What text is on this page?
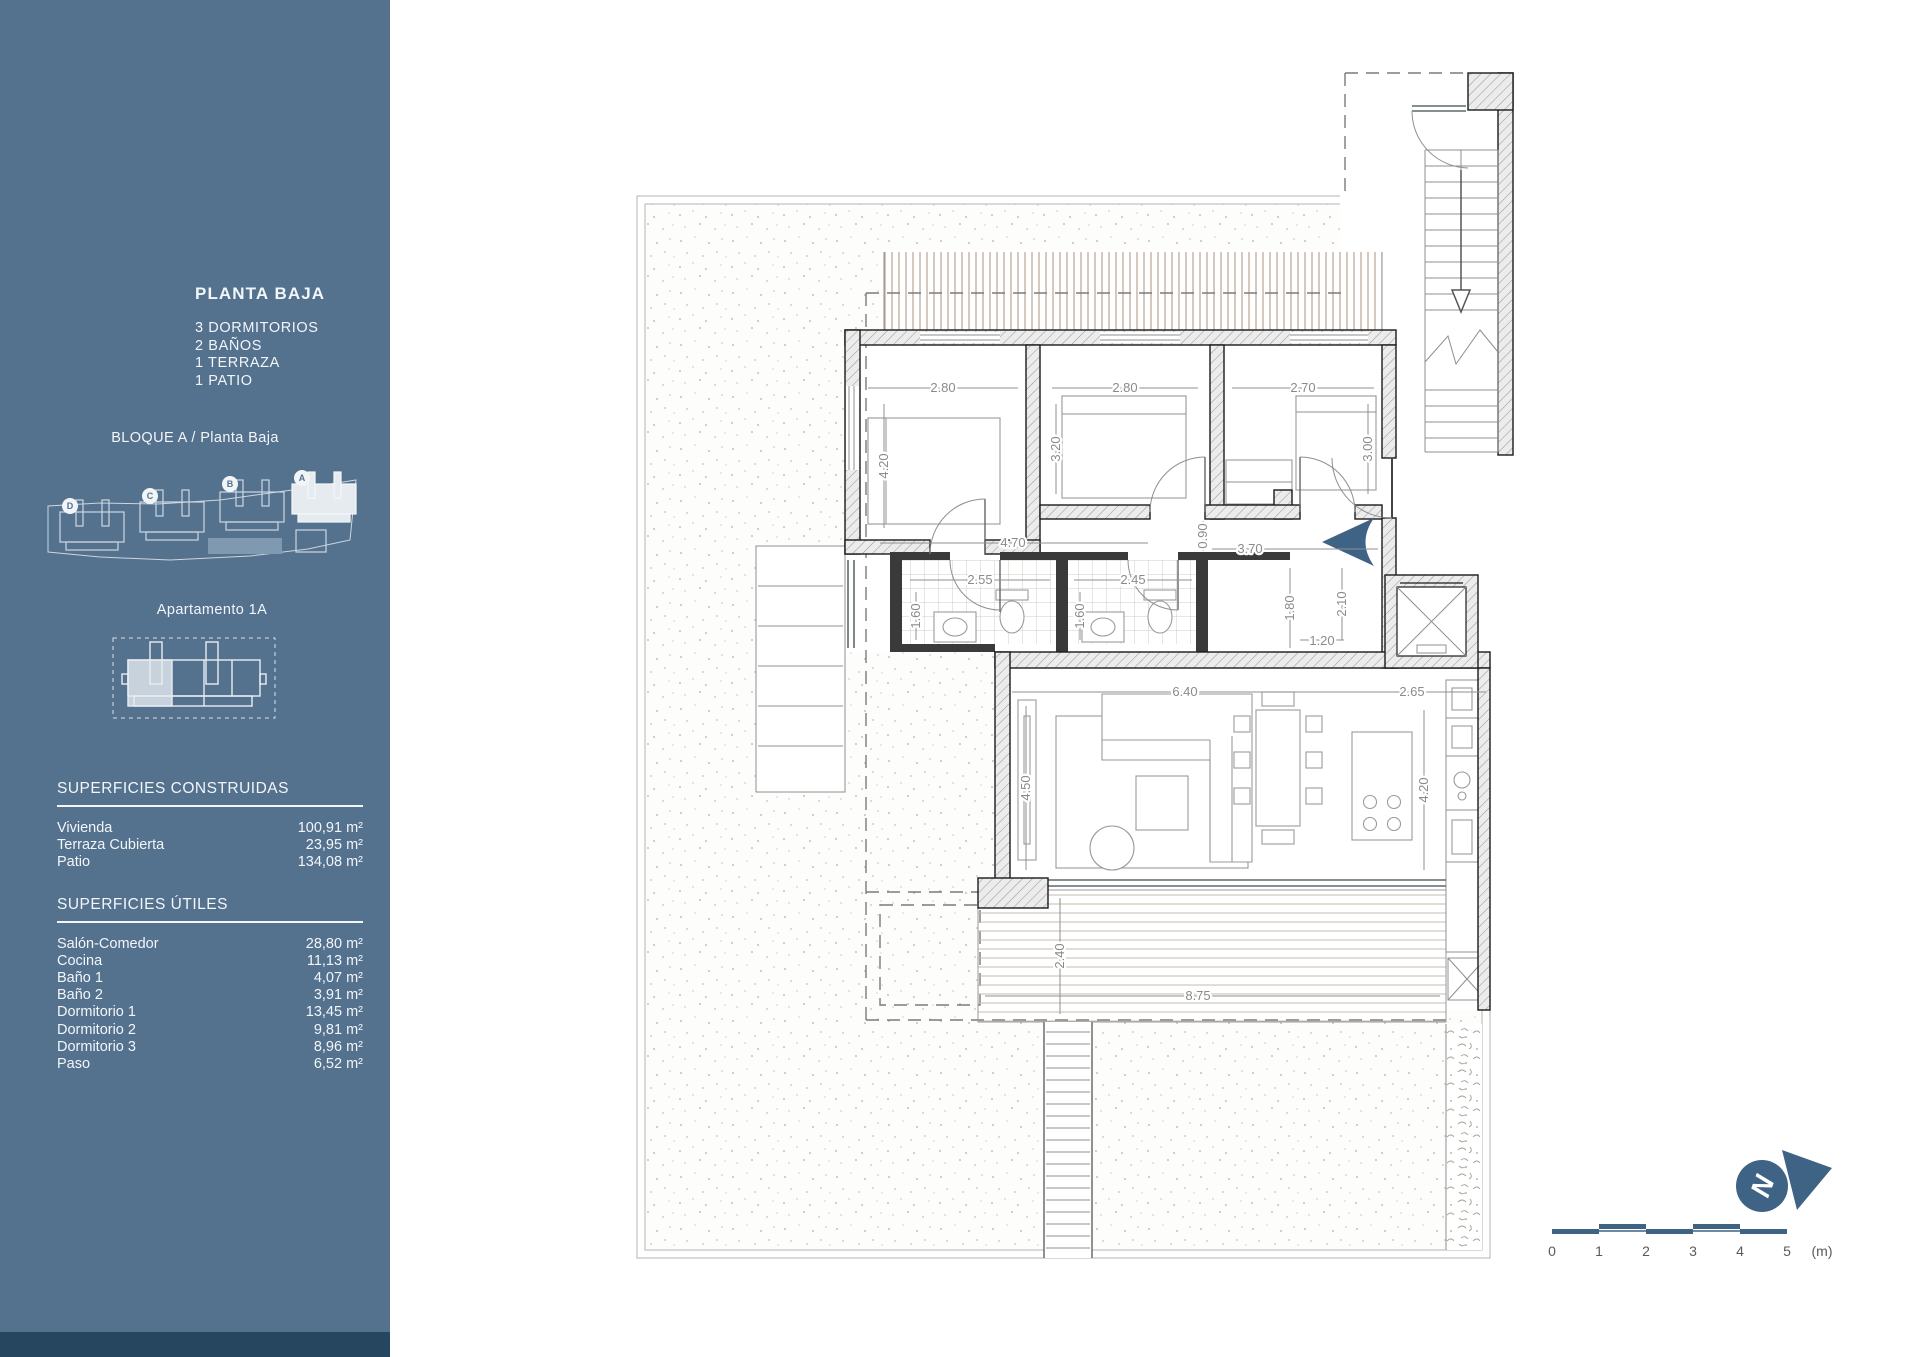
2.80
4.20
2.80
3.20
2.70
3.00
4.70	0.90 3.70
2.55
1.60
2.45
1.60	1.80
1.20
2.10
6.40
4.50
2.65
4.20
8.75
2.40
N
0	1	2	3	4	5 (m)
PLANTA BAJA
3 DORMITORIOS
2 BAÑOS
1 TERRAZA
1 PATIO
BLOQUE A / Planta Baja
D
C
B
A
Apartamento 1A
SUPERFICIES CONSTRUIDAS
Vivienda	100,91 m²
Terraza Cubierta	23,95 m²
Patio	134,08 m²
SUPERFICIES ÚTILES
Salón-Comedor	28,80 m²
Cocina	11,13 m²
Baño 1	4,07 m²
Baño 2	3,91 m²
Dormitorio 1	13,45 m²
Dormitorio 2	9,81 m²
Dormitorio 3	8,96 m²
Paso	6,52 m²
